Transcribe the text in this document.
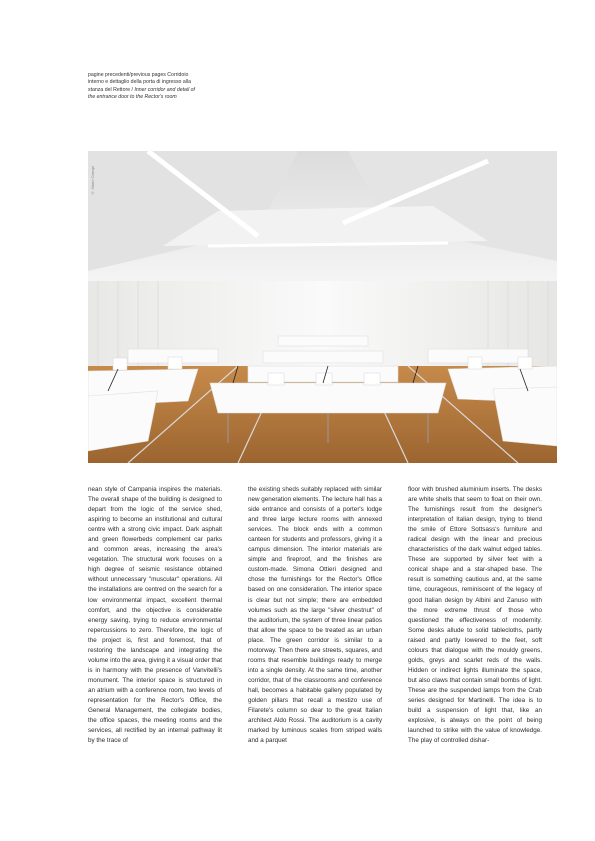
pagine precedenti/previous pages Corridoio interno e dettaglio della porta di ingresso alla stanza del Rettore / Inner corridor and detail of the entrance door to the Rector's room
© Mario Ciampi

nean style of Campania inspires the materials. The overall shape of the building is designed to depart from the logic of the service shed, aspiring to become an institutional and cultural centre with a strong civic impact. Dark asphalt and green flowerbeds complement car parks and common areas, increasing the area's vegetation. The structural work focuses on a high degree of seismic resistance obtained without unnecessary "muscular" operations. All the installations are centred on the search for a low environmental impact, excellent thermal comfort, and the objective is considerable energy saving, trying to reduce environmental repercussions to zero. Therefore, the logic of the project is, first and foremost, that of restoring the landscape and integrating the volume into the area, giving it a visual order that is in harmony with the presence of Vanvitelli's monument. The interior space is structured in an atrium with a conference room, two levels of representation for the Rector's Office, the General Management, the collegiate bodies, the office spaces, the meeting rooms and the services, all rectified by an internal pathway lit by the trace of

the existing sheds suitably replaced with similar new generation elements. The lecture hall has a side entrance and consists of a porter's lodge and three large lecture rooms with annexed services. The block ends with a common canteen for students and professors, giving it a campus dimension. The interior materials are simple and fireproof, and the finishes are custom-made. Simona Ottieri designed and chose the furnishings for the Rector's Office based on one consideration. The interior space is clear but not simple; there are embedded volumes such as the large "silver chestnut" of the auditorium, the system of three linear patios that allow the space to be treated as an urban place. The green corridor is similar to a motorway. Then there are streets, squares, and rooms that resemble buildings ready to merge into a single density. At the same time, another corridor, that of the classrooms and conference hall, becomes a habitable gallery populated by golden pillars that recall a mestizo use of Filarete's column so dear to the great Italian architect Aldo Rossi. The auditorium is a cavity marked by luminous scales from striped walls and a parquet

floor with brushed aluminium inserts. The desks are white shells that seem to float on their own. The furnishings result from the designer's interpretation of Italian design, trying to blend the smile of Ettore Sottsass's furniture and radical design with the linear and precious characteristics of the dark walnut edged tables. These are supported by silver feet with a conical shape and a star-shaped base. The result is something cautious and, at the same time, courageous, reminiscent of the legacy of good Italian design by Albini and Zanuso with the more extreme thrust of those who questioned the effectiveness of modernity. Some desks allude to solid tablecloths, partly raised and partly lowered to the feet, soft colours that dialogue with the mouldy greens, golds, greys and scarlet reds of the walls. Hidden or indirect lights illuminate the space, but also claws that contain small bombs of light. These are the suspended lamps from the Crab series designed for Martinelli. The idea is to build a suspension of light that, like an explosive, is always on the point of being launched to strike with the value of knowledge. The play of controlled dishar-
